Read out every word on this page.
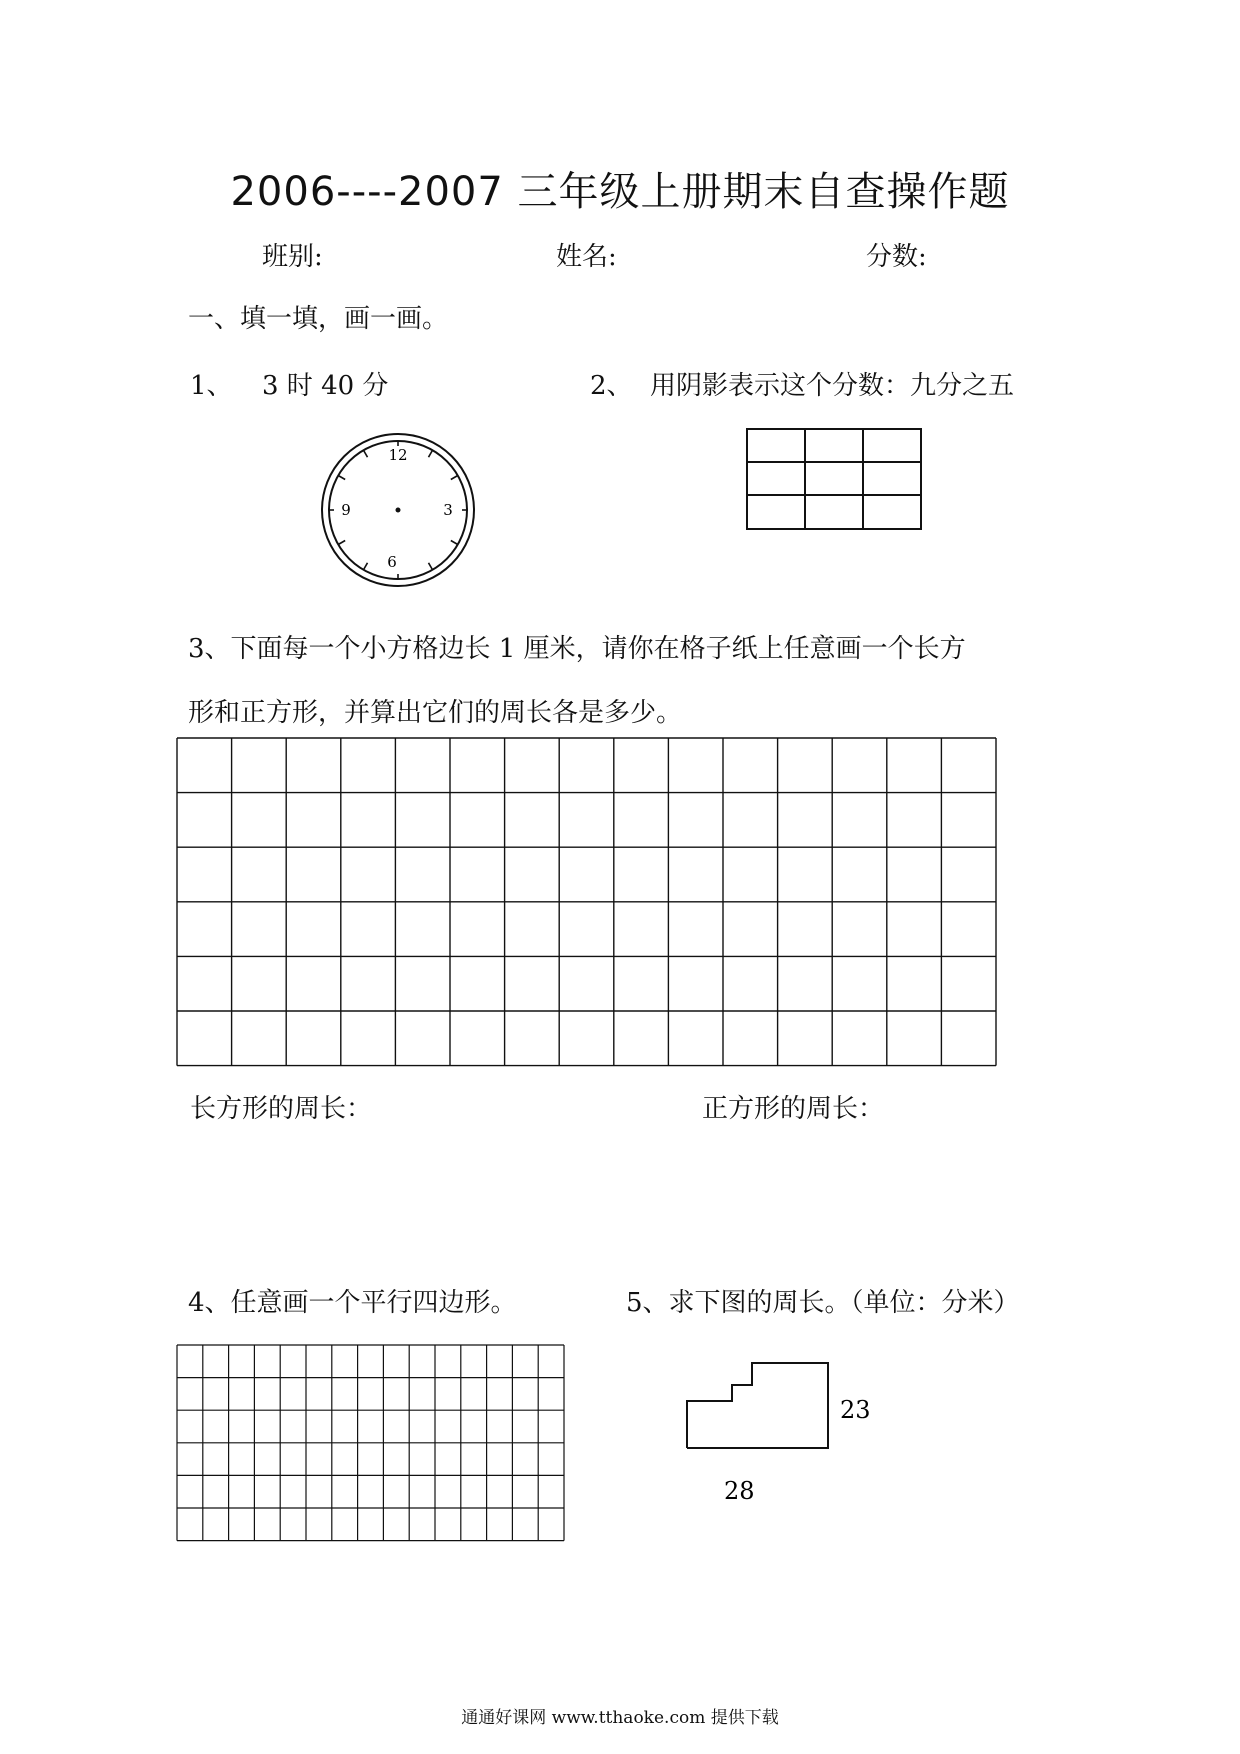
2006----2007 三年级上册期末自查操作题
班别:	姓名:	分数:
一、填一填，画一画。
1、 3 时 40 分	2、 用阴影表示这个分数：九分之五
12
3
6
9
3、下面每一个小方格边长 1 厘米，请你在格子纸上任意画一个长方
形和正方形，并算出它们的周长各是多少。
长方形的周长：	正方形的周长：
4、任意画一个平行四边形。	5、求下图的周长。（单位：分米）
23
28
通通好课网 www.tthaoke.com 提供下载
